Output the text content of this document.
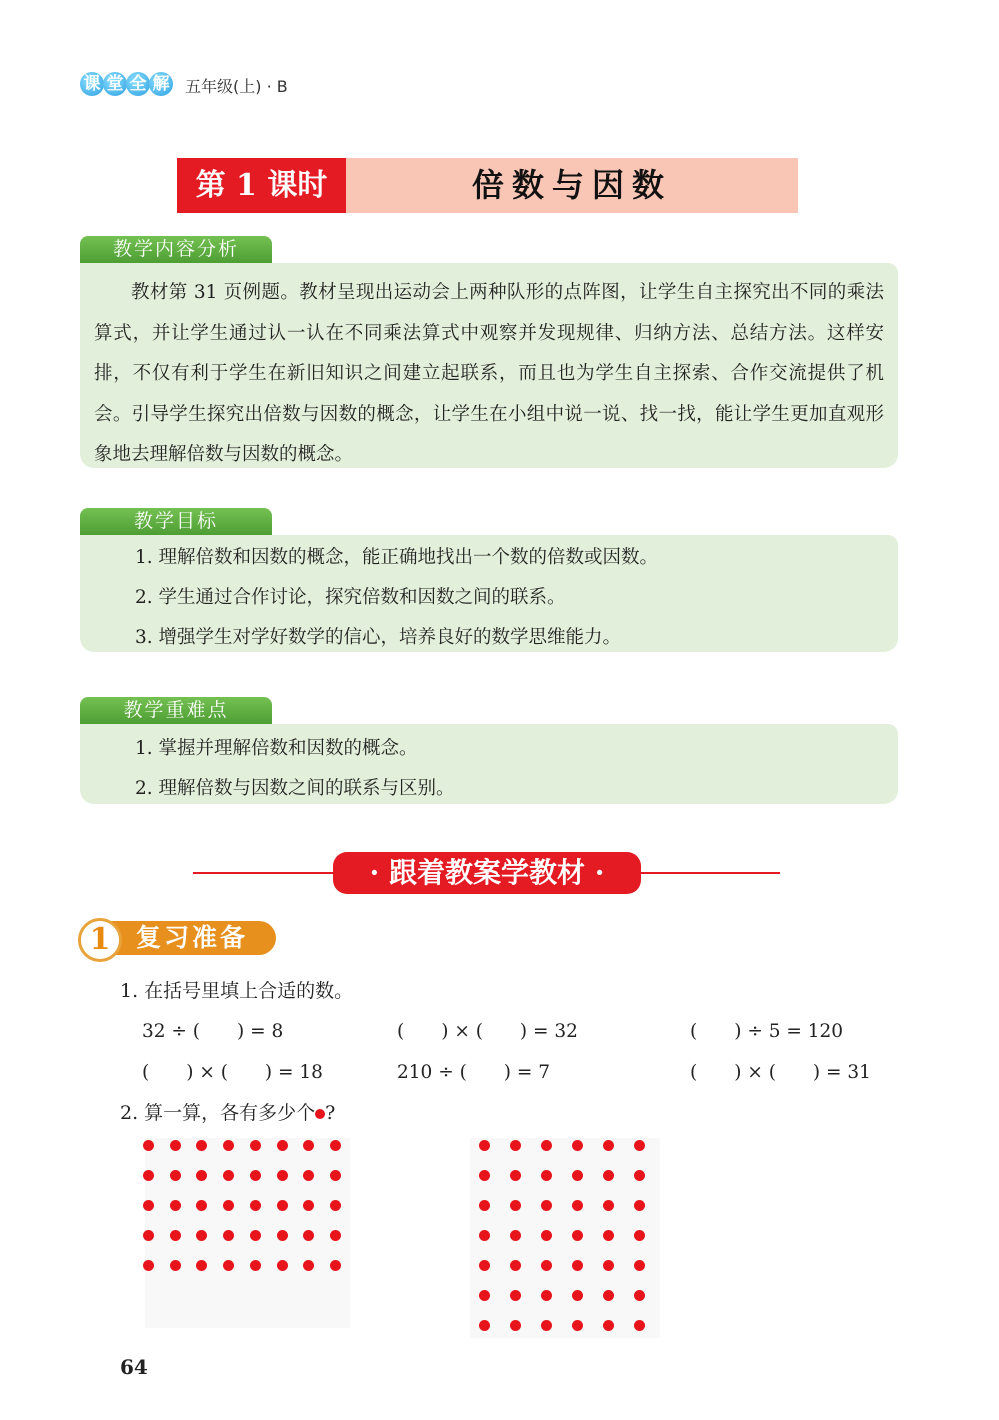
课 堂 全 解 五年级(上) · B
第 1 课时	倍数与因数
教学内容分析
教材第 31 页例题。教材呈现出运动会上两种队形的点阵图，让学生自主探究出不同的乘法算式，并让学生通过认一认在不同乘法算式中观察并发现规律、归纳方法、总结方法。这样安排，不仅有利于学生在新旧知识之间建立起联系，而且也为学生自主探索、合作交流提供了机会。引导学生探究出倍数与因数的概念，让学生在小组中说一说、找一找，能让学生更加直观形象地去理解倍数与因数的概念。
教学目标

1. 理解倍数和因数的概念，能正确地找出一个数的倍数或因数。

2. 学生通过合作讨论，探究倍数和因数之间的联系。

3. 增强学生对学好数学的信心，培养良好的数学思维能力。

教学重难点

1. 掌握并理解倍数和因数的概念。

2. 理解倍数与因数之间的联系与区别。

· 跟着教案学教材 ·
1	复习准备
1. 在括号里填上合适的数。
32 ÷ (　　) = 8	(　　) × (　　) = 32	(　　) ÷ 5 = 120
(　　) × (　　) = 18	210 ÷ (　　) = 7	(　　) × (　　) = 31
2. 算一算，各有多少个 ?
64
